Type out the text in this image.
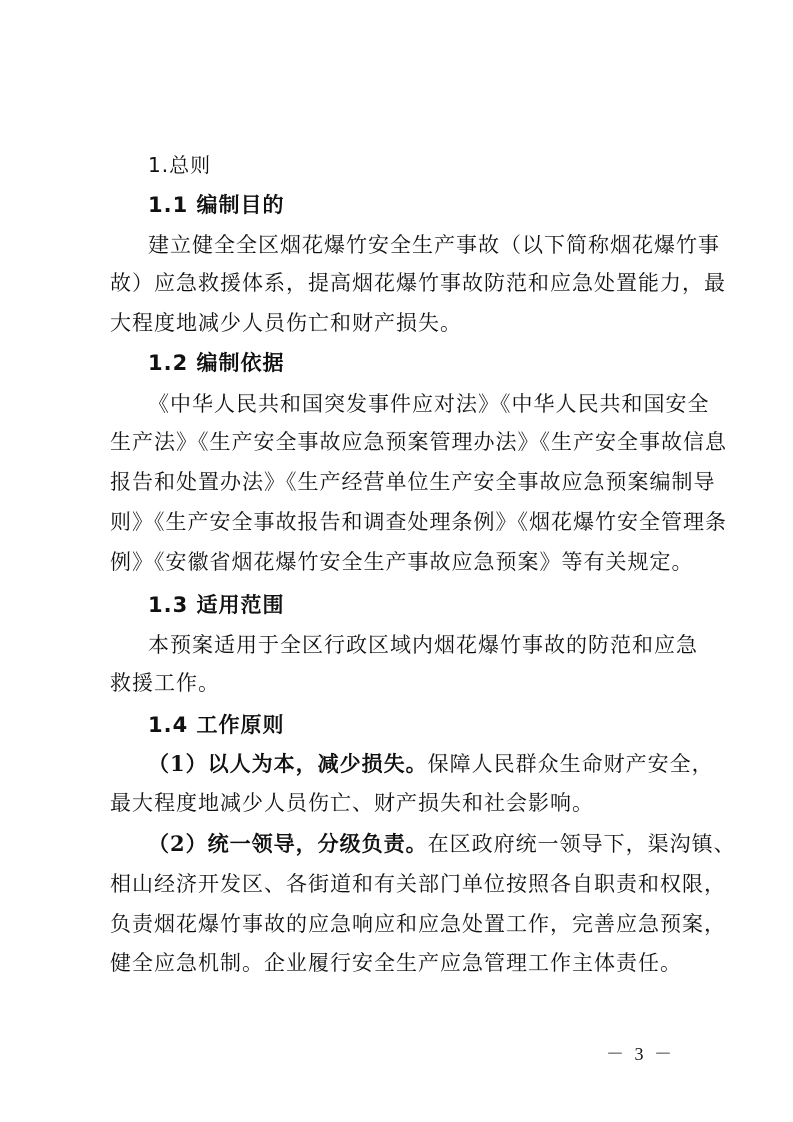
1.总则
1.1 编制目的
建立健全全区烟花爆竹安全生产事故（以下简称烟花爆竹事
故）应急救援体系，提高烟花爆竹事故防范和应急处置能力，最
大程度地减少人员伤亡和财产损失。
1.2 编制依据
《中华人民共和国突发事件应对法》《中华人民共和国安全
生产法》《生产安全事故应急预案管理办法》《生产安全事故信息
报告和处置办法》《生产经营单位生产安全事故应急预案编制导
则》《生产安全事故报告和调查处理条例》《烟花爆竹安全管理条
例》《安徽省烟花爆竹安全生产事故应急预案》等有关规定。
1.3 适用范围
本预案适用于全区行政区域内烟花爆竹事故的防范和应急
救援工作。
1.4 工作原则
（1）以人为本，减少损失。保障人民群众生命财产安全，
最大程度地减少人员伤亡、财产损失和社会影响。
（2）统一领导，分级负责。在区政府统一领导下，渠沟镇、
相山经济开发区、各街道和有关部门单位按照各自职责和权限，
负责烟花爆竹事故的应急响应和应急处置工作，完善应急预案，
健全应急机制。企业履行安全生产应急管理工作主体责任。
－ 3 －
